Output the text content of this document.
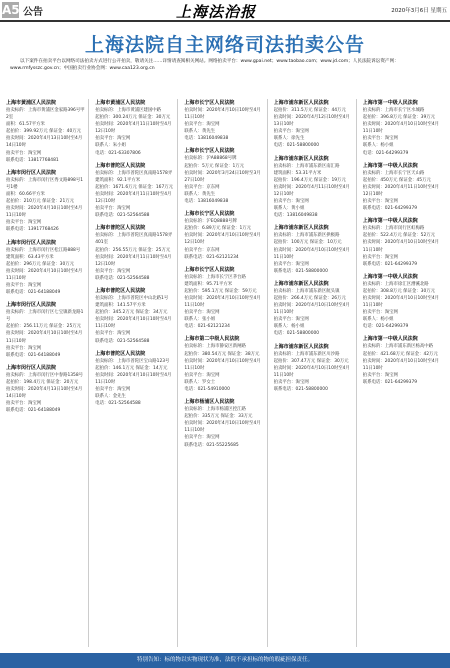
A5 公告	上海法治报	2020年3月6日 星期五
上海法院自主网络司法拍卖公告
以下案件在拍卖平台以网络司法拍卖方式进行公开拍卖，敬请关注……详情请查阅相关网站。网络拍卖平台：www.gpai.net；www.taobao.com；www.jd.com；人民法院诉讼资产网：www.rmfysszc.gov.cn；中国拍卖行业协会网：www.caa123.org.cn
上海市黄浦区人民法院
拍卖标的：上海市黄浦区金家路396号甲2室
面积：61.57平方米
起拍价：399.92万元 保证金：40万元
拍卖时间：2020年4月13日10时至4月14日10时
拍卖平台：淘宝网
联系电话：13817768481
上海市闵行区人民法院
拍卖标的：上海市闵行区秀文路898号1号1楼
面积：60.66平方米
起拍价：210万元 保证金：21万元
拍卖时间：2020年4月10日10时至4月11日10时
拍卖平台：淘宝网
联系电话：13917768426
上海市闵行区人民法院
拍卖标的：上海市闵行区松江路888号
建筑面积：63.43平方米
起拍价：296万元 保证金：30万元
拍卖时间：2020年4月10日10时至4月11日10时
拍卖平台：淘宝网
联系电话：021-64188049
上海市闵行区人民法院
拍卖标的：上海市闵行区七宝镇新龙路1号
起拍价：256.11万元 保证金：25万元
拍卖时间：2020年4月10日10时至4月11日10时
拍卖平台：淘宝网
联系电话：021-64188049
上海市闵行区人民法院
拍卖标的：上海市闵行区中春路1358号
起拍价：198.4万元 保证金：20万元
拍卖时间：2020年4月13日10时至4月14日10时
拍卖平台：淘宝网
联系电话：021-64188049
上海市黄浦区人民法院
拍卖标的：上海市黄浦区建国中路
起拍价：300.24万元 保证金：30万元
拍卖时间：2020年4月11日10时至4月12日10时
拍卖平台：淘宝网
联系人：朱小姐
电话：021-63307806
上海市普陀区人民法院
拍卖标的：上海市普陀区真南路1578弄
建筑面积：92.1平方米
起拍价：1671.6万元 保证金：167万元
拍卖时间：2020年4月11日10时至4月12日10时
拍卖平台：淘宝网
联系电话：021-52564588
上海市普陀区人民法院
拍卖标的：上海市普陀区真南路1578弄401室
起拍价：256.55万元 保证金：25万元
拍卖时间：2020年4月11日10时至4月12日10时
拍卖平台：淘宝网
联系电话：021-52564588
上海市普陀区人民法院
拍卖标的：上海市普陀区中山北路1号
建筑面积：141.57平方米
起拍价：345.2万元 保证金：34万元
拍卖时间：2020年4月10日10时至4月11日10时
拍卖平台：淘宝网
联系电话：021-52564588
上海市普陀区人民法院
拍卖标的：上海市普陀区宝山路123号
起拍价：146.1万元 保证金：14万元
拍卖时间：2020年4月10日10时至4月11日10时
拍卖平台：淘宝网
联系人：金先生
电话：021-52564588
上海市长宁区人民法院
拍卖时间：2020年4月10日10时至4月11日10时
拍卖平台：淘宝网
联系人：黄先生
电话：13816049838
上海市长宁区人民法院
拍卖标的：沪A88868号牌
起拍价：5万元 保证金：1万元
拍卖时间：2020年3月24日10时至3月27日10时
拍卖平台：京东网
联系人：黄先生
电话：13816049838
上海市长宁区人民法院
拍卖标的：沪EQ8888号牌
起拍价：6.89万元 保证金：1万元
拍卖时间：2020年4月10日10时至4月12日10时
拍卖平台：京东网
联系电话：021-62121234
上海市长宁区人民法院
拍卖标的：上海市长宁区茅台路
建筑面积：95.71平方米
起拍价：595.1万元 保证金：59万元
拍卖时间：2020年4月10日10时至4月11日10时
拍卖平台：淘宝网
联系人：张小姐
电话：021-62121234
上海市第二中级人民法院
拍卖标的：上海市静安区新闸路
起拍价：380.54万元 保证金：38万元
拍卖时间：2020年4月10日10时至4月11日10时
拍卖平台：淘宝网
联系人：罗女士
电话：021-54910000
上海市杨浦区人民法院
拍卖标的：上海市杨浦区控江路
起拍价：335万元 保证金：33万元
拍卖时间：2020年4月10日10时至4月11日10时
拍卖平台：淘宝网
联系电话：021-55225685
上海市浦东新区人民法院
起拍价：311.5万元 保证金：44万元
拍卖时间：2020年4月12日10时至4月13日10时
拍卖平台：淘宝网
联系人：徐先生
电话：021-58800000
上海市浦东新区人民法院
拍卖标的：上海市浦东新区南汇路
建筑面积：53.31平方米
起拍价：196.4万元 保证金：19万元
拍卖时间：2020年4月11日10时至4月12日10时
拍卖平台：淘宝网
联系人：黄小姐
电话：13816049838
上海市浦东新区人民法院
拍卖标的：上海市浦东新区拱极路
起拍价：100万元 保证金：10万元
拍卖时间：2020年4月10日10时至4月11日10时
拍卖平台：淘宝网
联系电话：021-58800000
上海市浦东新区人民法院
拍卖标的：上海市浦东新区航头镇
起拍价：266.4万元 保证金：26万元
拍卖时间：2020年4月10日10时至4月11日10时
拍卖平台：淘宝网
联系人：杨小姐
电话：021-58800000
上海市浦东新区人民法院
拍卖标的：上海市浦东新区川沙路
起拍价：307.47万元 保证金：30万元
拍卖时间：2020年4月10日10时至4月11日10时
拍卖平台：淘宝网
联系电话：021-58800000
上海市第一中级人民法院
拍卖标的：上海市长宁区水城路
起拍价：396.8万元 保证金：39万元
拍卖时间：2020年4月10日10时至4月11日10时
拍卖平台：淘宝网
联系人：杨小姐
电话：021-64299379
上海市第一中级人民法院
拍卖标的：上海市长宁区天山路
起拍价：450万元 保证金：45万元
拍卖时间：2020年4月11日10时至4月12日10时
拍卖平台：淘宝网
联系电话：021-64299379
上海市第一中级人民法院
拍卖标的：上海市闵行区虹梅路
起拍价：522.4万元 保证金：52万元
拍卖时间：2020年4月10日10时至4月11日10时
拍卖平台：淘宝网
联系电话：021-64299379
上海市第一中级人民法院
拍卖标的：上海市徐汇区漕溪北路
起拍价：308.8万元 保证金：30万元
拍卖时间：2020年4月10日10时至4月11日10时
拍卖平台：淘宝网
联系人：杨小姐
电话：021-64299379
上海市第一中级人民法院
拍卖标的：上海市浦东新区杨高中路
起拍价：421.68万元 保证金：42万元
拍卖时间：2020年4月10日10时至4月11日10时
拍卖平台：淘宝网
联系电话：021-64299379
特别告知：标的物以实物现状为准，法院不承担标的物的瑕疵担保责任。
